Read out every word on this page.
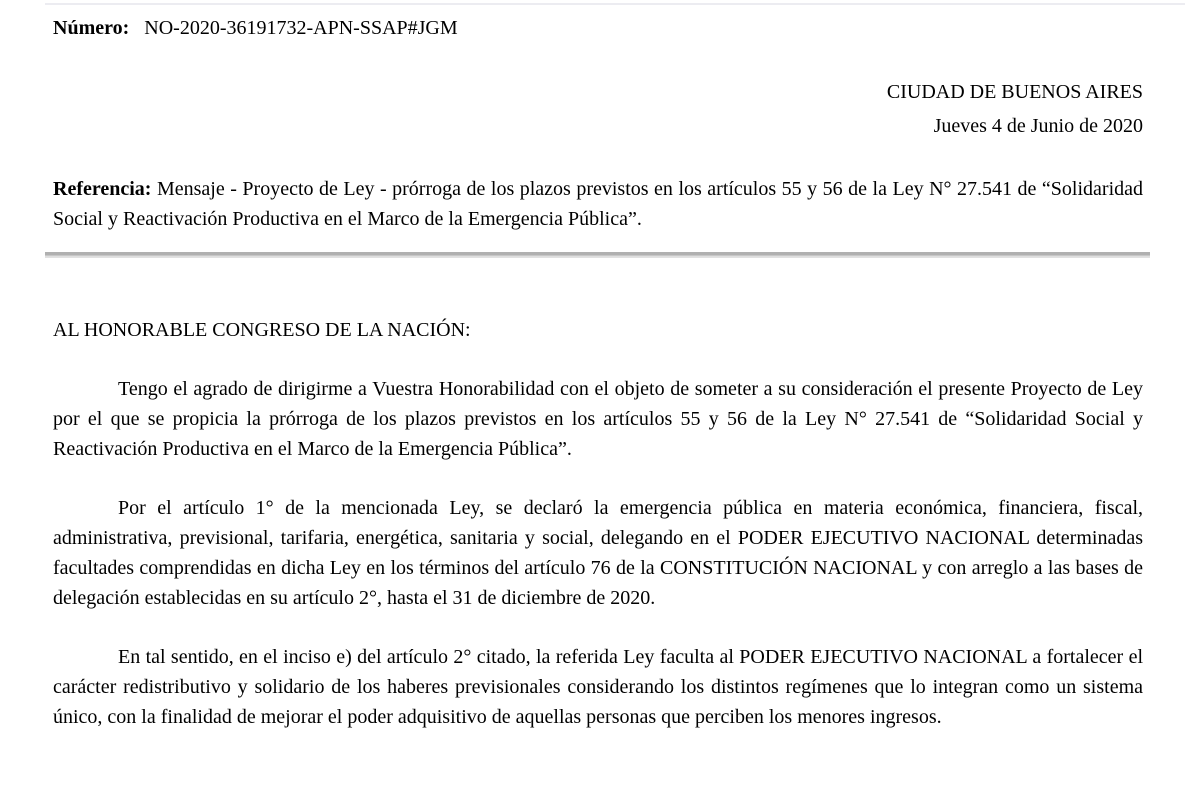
Número: NO-2020-36191732-APN-SSAP#JGM
CIUDAD DE BUENOS AIRES
Jueves 4 de Junio de 2020

Referencia: Mensaje - Proyecto de Ley - prórroga de los plazos previstos en los artículos 55 y 56 de la Ley N° 27.541 de “Solidaridad Social y Reactivación Productiva en el Marco de la Emergencia Pública”.

AL HONORABLE CONGRESO DE LA NACIÓN:

Tengo el agrado de dirigirme a Vuestra Honorabilidad con el objeto de someter a su consideración el presente Proyecto de Ley por el que se propicia la prórroga de los plazos previstos en los artículos 55 y 56 de la Ley N° 27.541 de “Solidaridad Social y Reactivación Productiva en el Marco de la Emergencia Pública”.

Por el artículo 1° de la mencionada Ley, se declaró la emergencia pública en materia económica, financiera, fiscal, administrativa, previsional, tarifaria, energética, sanitaria y social, delegando en el PODER EJECUTIVO NACIONAL determinadas facultades comprendidas en dicha Ley en los términos del artículo 76 de la CONSTITUCIÓN NACIONAL y con arreglo a las bases de delegación establecidas en su artículo 2°, hasta el 31 de diciembre de 2020.

En tal sentido, en el inciso e) del artículo 2° citado, la referida Ley faculta al PODER EJECUTIVO NACIONAL a fortalecer el carácter redistributivo y solidario de los haberes previsionales considerando los distintos regímenes que lo integran como un sistema único, con la finalidad de mejorar el poder adquisitivo de aquellas personas que perciben los menores ingresos.
